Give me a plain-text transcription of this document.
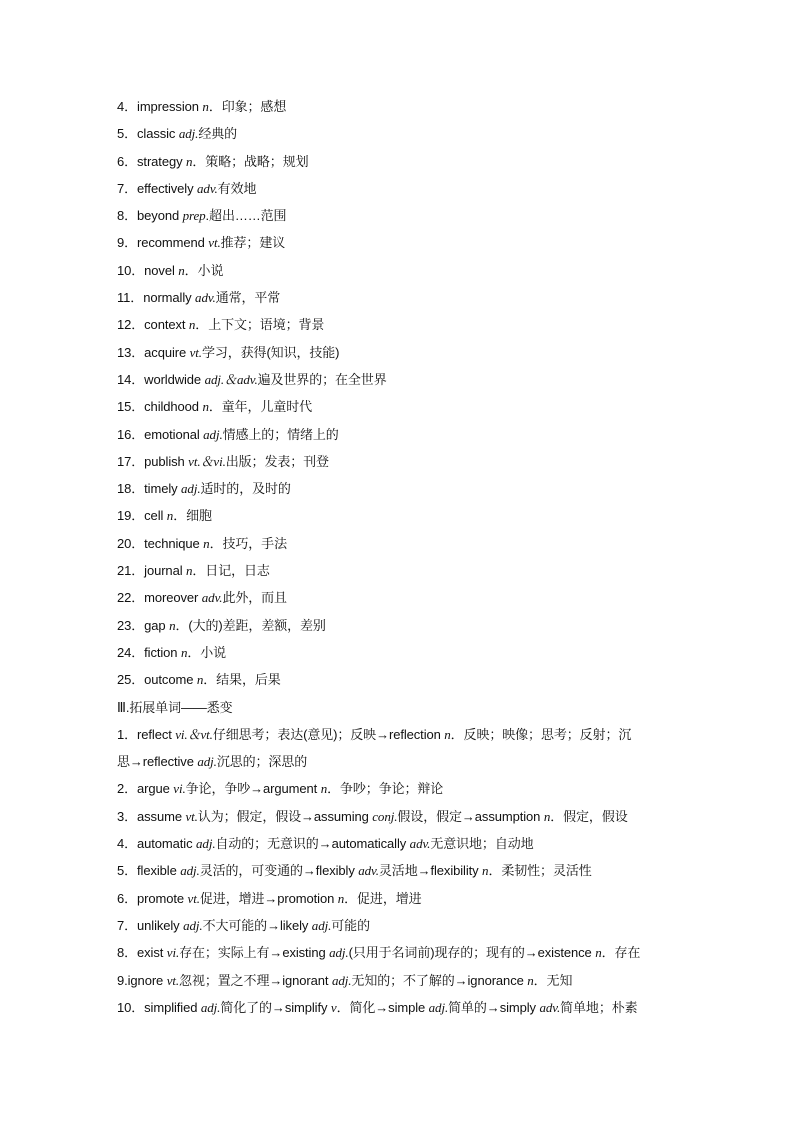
4．impression n．印象；感想
5．classic adj.经典的
6．strategy n．策略；战略；规划
7．effectively adv.有效地
8．beyond prep.超出……范围
9．recommend vt.推荐；建议
10．novel n．小说
11．normally adv.通常，平常
12．context n．上下文；语境；背景
13．acquire vt.学习，获得(知识，技能)
14．worldwide adj.＆adv.遍及世界的；在全世界
15．childhood n．童年，儿童时代
16．emotional adj.情感上的；情绪上的
17．publish vt.＆vi.出版；发表；刊登
18．timely adj.适时的，及时的
19．cell n．细胞
20．technique n．技巧，手法
21．journal n．日记，日志
22．moreover adv.此外，而且
23．gap n．(大的)差距，差额，差别
24．fiction n．小说
25．outcome n．结果，后果
Ⅲ.拓展单词——悉变
1．reflect vi.＆vt.仔细思考；表达(意见)；反映→reflection n．反映；映像；思考；反射；沉
思→reflective adj.沉思的；深思的
2．argue vi.争论，争吵→argument n．争吵；争论；辩论
3．assume vt.认为；假定，假设→assuming conj.假设，假定→assumption n．假定，假设
4．automatic adj.自动的；无意识的→automatically adv.无意识地；自动地
5．flexible adj.灵活的，可变通的→flexibly adv.灵活地→flexibility n．柔韧性；灵活性
6．promote vt.促进，增进→promotion n．促进，增进
7．unlikely adj.不大可能的→likely adj.可能的
8．exist vi.存在；实际上有→existing adj.(只用于名词前)现存的；现有的→existence n．存在
9.ignore vt.忽视；置之不理→ignorant adj.无知的；不了解的→ignorance n．无知
10．simplified adj.简化了的→simplify v．简化→simple adj.简单的→simply adv.简单地；朴素
